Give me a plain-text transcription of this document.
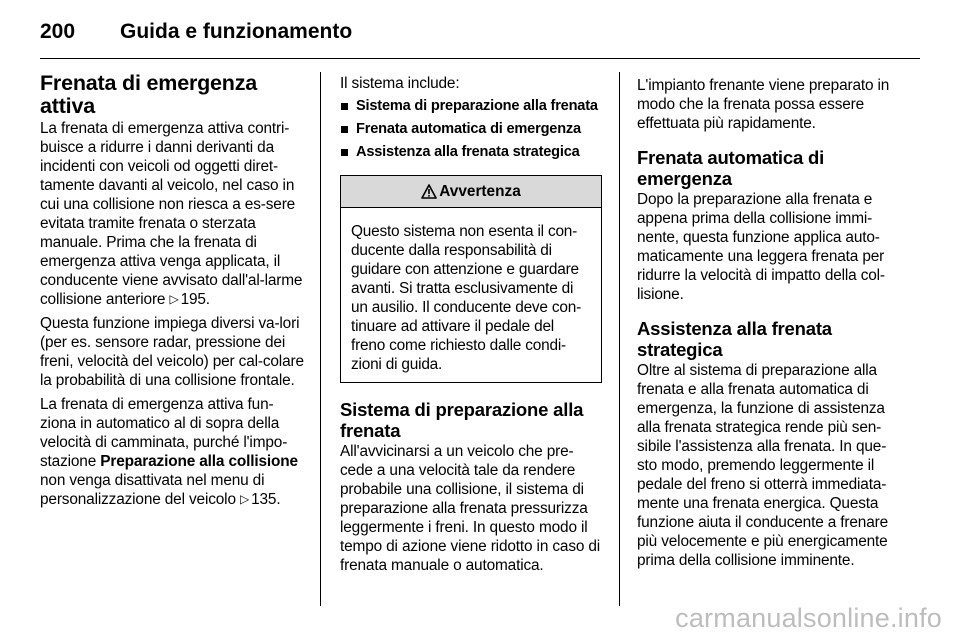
200 Guida e funzionamento
Frenata di emergenza attiva

La frenata di emergenza attiva contri-buisce a ridurre i danni derivanti da incidenti con veicoli od oggetti diret-tamente davanti al veicolo, nel caso in cui una collisione non riesca a es-sere evitata tramite frenata o sterzata manuale. Prima che la frenata di emergenza attiva venga applicata, il conducente viene avvisato dall'al-larme collisione anteriore ▷ 195.

Questa funzione impiega diversi va-lori (per es. sensore radar, pressione dei freni, velocità del veicolo) per cal-colare la probabilità di una collisione frontale.

La frenata di emergenza attiva fun-ziona in automatico al di sopra della velocità di camminata, purché l'impo-stazione Preparazione alla collisione non venga disattivata nel menu di personalizzazione del veicolo ▷ 135.

Il sistema include:

Sistema di preparazione alla frenata
Frenata automatica di emergenza
Assistenza alla frenata strategica
Avvertenza
Questo sistema non esenta il con-ducente dalla responsabilità di guidare con attenzione e guardare avanti. Si tratta esclusivamente di un ausilio. Il conducente deve con-tinuare ad attivare il pedale del freno come richiesto dalle condi-zioni di guida.
Sistema di preparazione alla frenata

All'avvicinarsi a un veicolo che pre-cede a una velocità tale da rendere probabile una collisione, il sistema di preparazione alla frenata pressurizza leggermente i freni. In questo modo il tempo di azione viene ridotto in caso di frenata manuale o automatica.

L'impianto frenante viene preparato in modo che la frenata possa essere effettuata più rapidamente.

Frenata automatica di emergenza

Dopo la preparazione alla frenata e appena prima della collisione immi-nente, questa funzione applica auto-maticamente una leggera frenata per ridurre la velocità di impatto della col-lisione.

Assistenza alla frenata strategica

Oltre al sistema di preparazione alla frenata e alla frenata automatica di emergenza, la funzione di assistenza alla frenata strategica rende più sen-sibile l'assistenza alla frenata. In que-sto modo, premendo leggermente il pedale del freno si otterrà immediata-mente una frenata energica. Questa funzione aiuta il conducente a frenare più velocemente e più energicamente prima della collisione imminente.

carmanualsonline.info
